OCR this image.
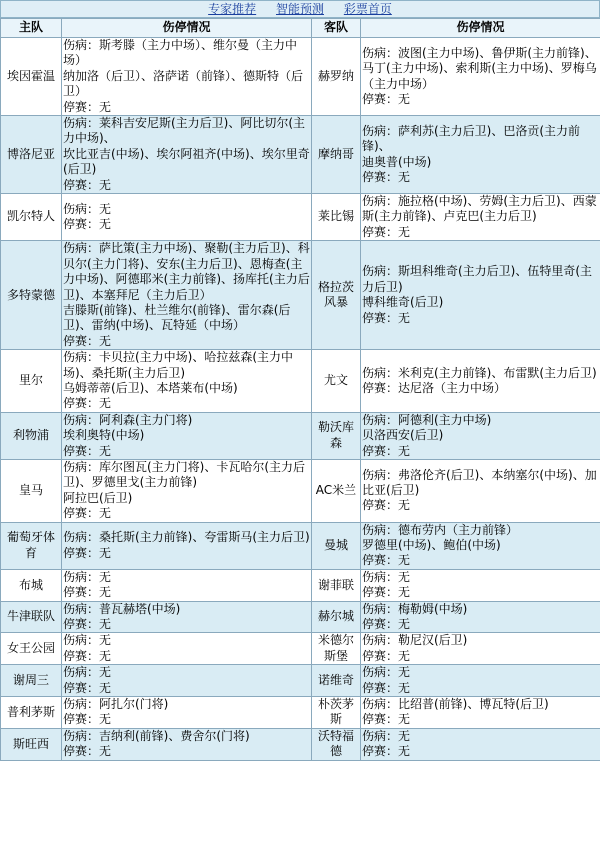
专家推荐 智能预测 彩票首页
主队	伤停情况	客队	伤停情况
埃因霍温	伤病：斯考滕（主力中场）、维尔曼（主力中场）
纳加洛（后卫）、洛萨诺（前锋）、德斯特（后卫）
停赛：无	赫罗纳	伤病：波图(主力中场)、鲁伊斯(主力前锋)、马丁(主力中场)、索利斯(主力中场)、罗梅乌（主力中场）
停赛：无

博洛尼亚	伤病：莱科吉安尼斯(主力后卫)、阿比切尔(主力中场)、
坎比亚吉(中场)、埃尔阿祖齐(中场)、埃尔里奇(后卫)
停赛：无	摩纳哥	伤病：萨利苏(主力后卫)、巴洛贡(主力前锋)、
迪奥普(中场)
停赛：无

凯尔特人	伤病：无
停赛：无	莱比锡	伤病：施拉格(中场)、劳姆(主力后卫)、西蒙斯(主力前锋)、卢克巴(主力后卫)
停赛：无

多特蒙德	伤病：萨比策(主力中场)、聚勒(主力后卫)、科贝尔(主力门将)、安东(主力后卫)、恩梅查(主力中场)、阿德耶米(主力前锋)、扬库托(主力后卫)、本塞拜尼（主力后卫）
吉滕斯(前锋)、杜兰维尔(前锋)、雷尔森(后卫)、雷纳(中场)、瓦特延（中场）
停赛：无	格拉茨风暴	伤病：斯坦科维奇(主力后卫)、伍特里奇(主力后卫)
博科维奇(后卫)
停赛：无

里尔	伤病：卡贝拉(主力中场)、哈拉兹森(主力中场)、桑托斯(主力后卫)
乌姆蒂蒂(后卫)、本塔莱布(中场)
停赛：无	尤文	伤病：米利克(主力前锋)、布雷默(主力后卫)
停赛：达尼洛（主力中场）

利物浦	伤病：阿利森(主力门将)
埃利奥特(中场)
停赛：无	勒沃库森	伤病：阿德利(主力中场)
贝洛西安(后卫)
停赛：无

皇马	伤病：库尔图瓦(主力门将)、卡瓦哈尔(主力后卫)、罗德里戈(主力前锋)
阿拉巴(后卫)
停赛：无	AC米兰	伤病：弗洛伦齐(后卫)、本纳塞尔(中场)、加比亚(后卫)
停赛：无

葡萄牙体育	伤病：桑托斯(主力前锋)、夸雷斯马(主力后卫)
停赛：无	曼城	伤病：德布劳内（主力前锋）
罗德里(中场)、鲍伯(中场)
停赛：无

布城	伤病：无
停赛：无	谢菲联	伤病：无
停赛：无

牛津联队	伤病：普瓦赫塔(中场)
停赛：无	赫尔城	伤病：梅勒姆(中场)
停赛：无

女王公园	伤病：无
停赛：无	米德尔斯堡	伤病：勒尼汉(后卫)
停赛：无

谢周三	伤病：无
停赛：无	诺维奇	伤病：无
停赛：无

普利茅斯	伤病：阿扎尔(门将)
停赛：无	朴茨茅斯	伤病：比绍普(前锋)、博瓦特(后卫)
停赛：无

斯旺西	伤病：吉纳利(前锋)、费舍尔(门将)
停赛：无	沃特福德	伤病：无
停赛：无
